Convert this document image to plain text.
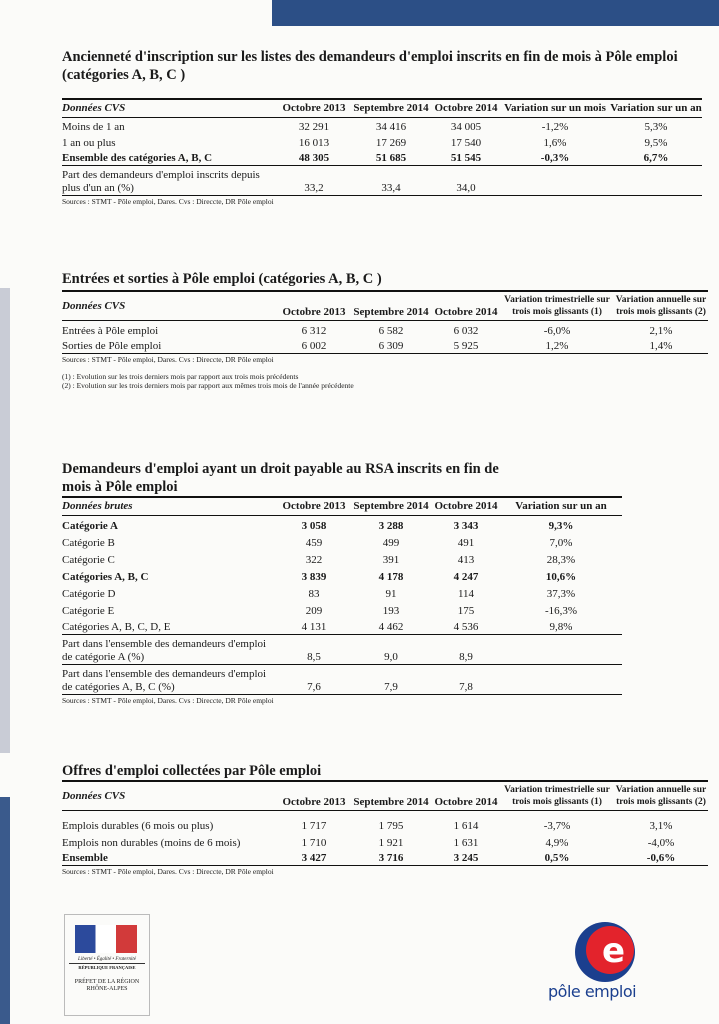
Ancienneté d'inscription sur les listes des demandeurs d'emploi inscrits en fin de mois à Pôle emploi (catégories A, B, C )
Données CVS	Octobre 2013	Septembre 2014	Octobre 2014	Variation sur un mois	Variation sur un an
Moins de 1 an	32 291	34 416	34 005	-1,2%	5,3%
1 an ou plus	16 013	17 269	17 540	1,6%	9,5%
Ensemble des catégories A, B, C	48 305	51 685	51 545	-0,3%	6,7%
Part des demandeurs d'emploi inscrits depuis plus d'un an (%)	33,2	33,4	34,0		
Sources : STMT - Pôle emploi, Dares. Cvs : Direccte, DR Pôle emploi
Entrées et sorties à Pôle emploi (catégories A, B, C )
Données CVS	Octobre 2013	Septembre 2014	Octobre 2014	Variation trimestrielle sur trois mois glissants (1)	Variation annuelle sur trois mois glissants (2)
Entrées à Pôle emploi	6 312	6 582	6 032	-6,0%	2,1%
Sorties de Pôle emploi	6 002	6 309	5 925	1,2%	1,4%
Sources : STMT - Pôle emploi, Dares. Cvs : Direccte, DR Pôle emploi
(1) : Evolution sur les trois derniers mois par rapport aux trois mois précédents
(2) : Evolution sur les trois derniers mois par rapport aux mêmes trois mois de l'année précédente
Demandeurs d'emploi ayant un droit payable au RSA inscrits en fin de mois à Pôle emploi
Données brutes	Octobre 2013	Septembre 2014	Octobre 2014	Variation sur un an
Catégorie A	3 058	3 288	3 343	9,3%
Catégorie B	459	499	491	7,0%
Catégorie C	322	391	413	28,3%
Catégories A, B, C	3 839	4 178	4 247	10,6%
Catégorie D	83	91	114	37,3%
Catégorie E	209	193	175	-16,3%
Catégories A, B, C, D, E	4 131	4 462	4 536	9,8%
Part dans l'ensemble des demandeurs d'emploi de catégorie A (%)	8,5	9,0	8,9	
Part dans l'ensemble des demandeurs d'emploi de catégories A, B, C (%)	7,6	7,9	7,8	
Sources : STMT - Pôle emploi, Dares. Cvs : Direccte, DR Pôle emploi
Offres d'emploi collectées par Pôle emploi
Données CVS	Octobre 2013	Septembre 2014	Octobre 2014	Variation trimestrielle sur trois mois glissants (1)	Variation annuelle sur trois mois glissants (2)
Emplois durables (6 mois ou plus)	1 717	1 795	1 614	-3,7%	3,1%
Emplois non durables (moins de 6 mois)	1 710	1 921	1 631	4,9%	-4,0%
Ensemble	3 427	3 716	3 245	0,5%	-0,6%
Sources : STMT - Pôle emploi, Dares. Cvs : Direccte, DR Pôle emploi
Liberté • Égalité • Fraternité
RÉPUBLIQUE FRANÇAISE
PRÉFET DE LA RÉGION RHÔNE-ALPES
e
pôle emploi
